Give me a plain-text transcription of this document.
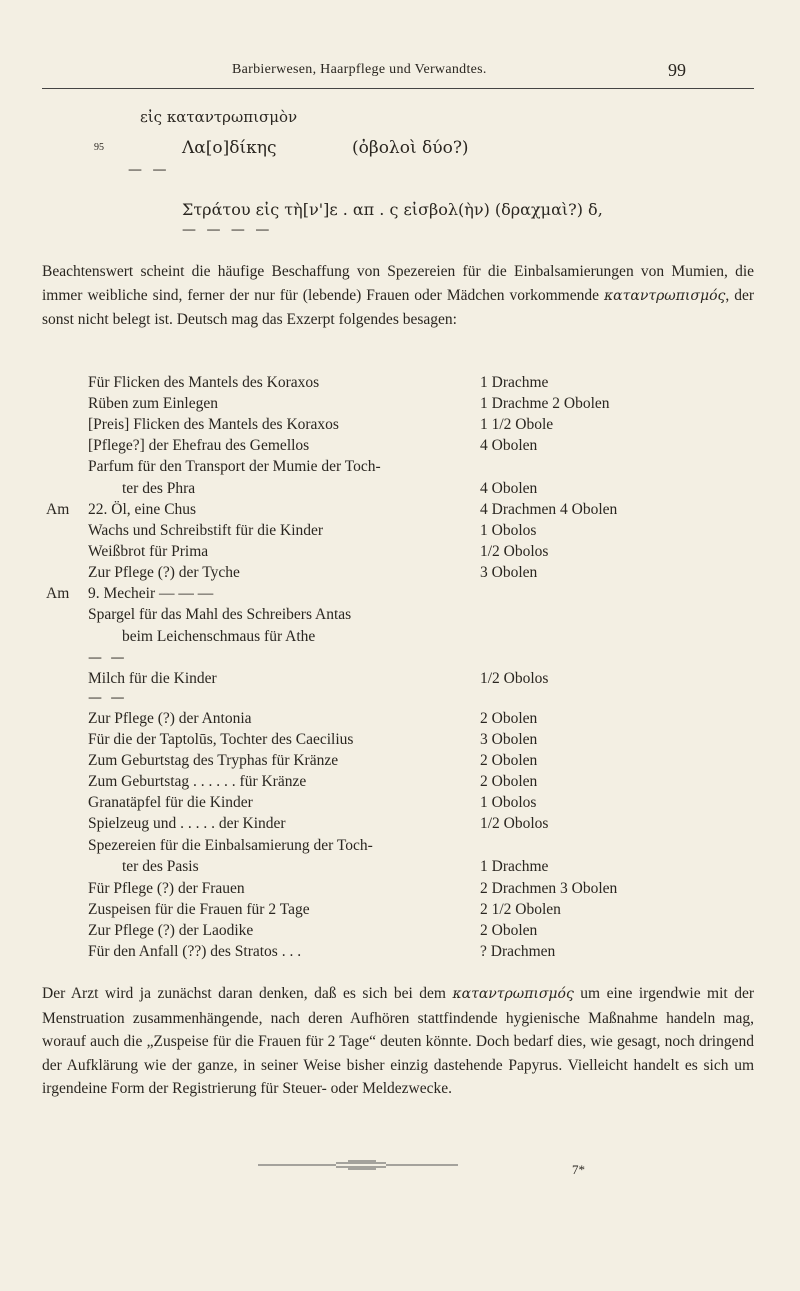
Barbierwesen, Haarpflege und Verwandtes.	99
εἰς καταντρωπισμὸν
95	Λα[ο]δίκης	(ὀβολοὶ δύο?)
— —
Στράτου εἰς τὴ[ν']ε . απ . ς εἰσβολ(ὴν) (δραχμαὶ?) δ,
— — — —
Beachtenswert scheint die häufige Beschaffung von Spezereien für die Einbalsamierungen von Mumien, die immer weibliche sind, ferner der nur für (lebende) Frauen oder Mädchen vorkommende καταντρωπισμός, der sonst nicht belegt ist. Deutsch mag das Exzerpt folgendes besagen:
Für Flicken des Mantels des Koraxos	1 Drachme
Rüben zum Einlegen	1 Drachme 2 Obolen
[Preis] Flicken des Mantels des Koraxos	1 1/2 Obole
[Pflege?] der Ehefrau des Gemellos	4 Obolen
Parfum für den Transport der Mumie der Toch-
ter des Phra	4 Obolen
Am 22. Öl, eine Chus	4 Drachmen 4 Obolen
Wachs und Schreibstift für die Kinder	1 Obolos
Weißbrot für Prima	1/2 Obolos
Zur Pflege (?) der Tyche	3 Obolen
Am 9. Mecheir — — —
Spargel für das Mahl des Schreibers Antas
beim Leichenschmaus für Athe
Milch für die Kinder	1/2 Obolos
Zur Pflege (?) der Antonia	2 Obolen
Für die der Taptolūs, Tochter des Caecilius	3 Obolen
Zum Geburtstag des Tryphas für Kränze	2 Obolen
Zum Geburtstag . . . . . . für Kränze	2 Obolen
Granatäpfel für die Kinder	1 Obolos
Spielzeug und . . . . . der Kinder	1/2 Obolos
Spezereien für die Einbalsamierung der Toch-
ter des Pasis	1 Drachme
Für Pflege (?) der Frauen	2 Drachmen 3 Obolen
Zuspeisen für die Frauen für 2 Tage	2 1/2 Obolen
Zur Pflege (?) der Laodike	2 Obolen
Für den Anfall (??) des Stratos . . .	? Drachmen
— —
— —
Der Arzt wird ja zunächst daran denken, daß es sich bei dem καταντρωπισμός um eine irgendwie mit der Menstruation zusammenhängende, nach deren Aufhören stattfindende hygienische Maßnahme handeln mag, worauf auch die „Zuspeise für die Frauen für 2 Tage“ deuten könnte. Doch bedarf dies, wie gesagt, noch dringend der Aufklärung wie der ganze, in seiner Weise bisher einzig dastehende Papyrus. Vielleicht handelt es sich um irgendeine Form der Registrierung für Steuer- oder Meldezwecke.
7*
